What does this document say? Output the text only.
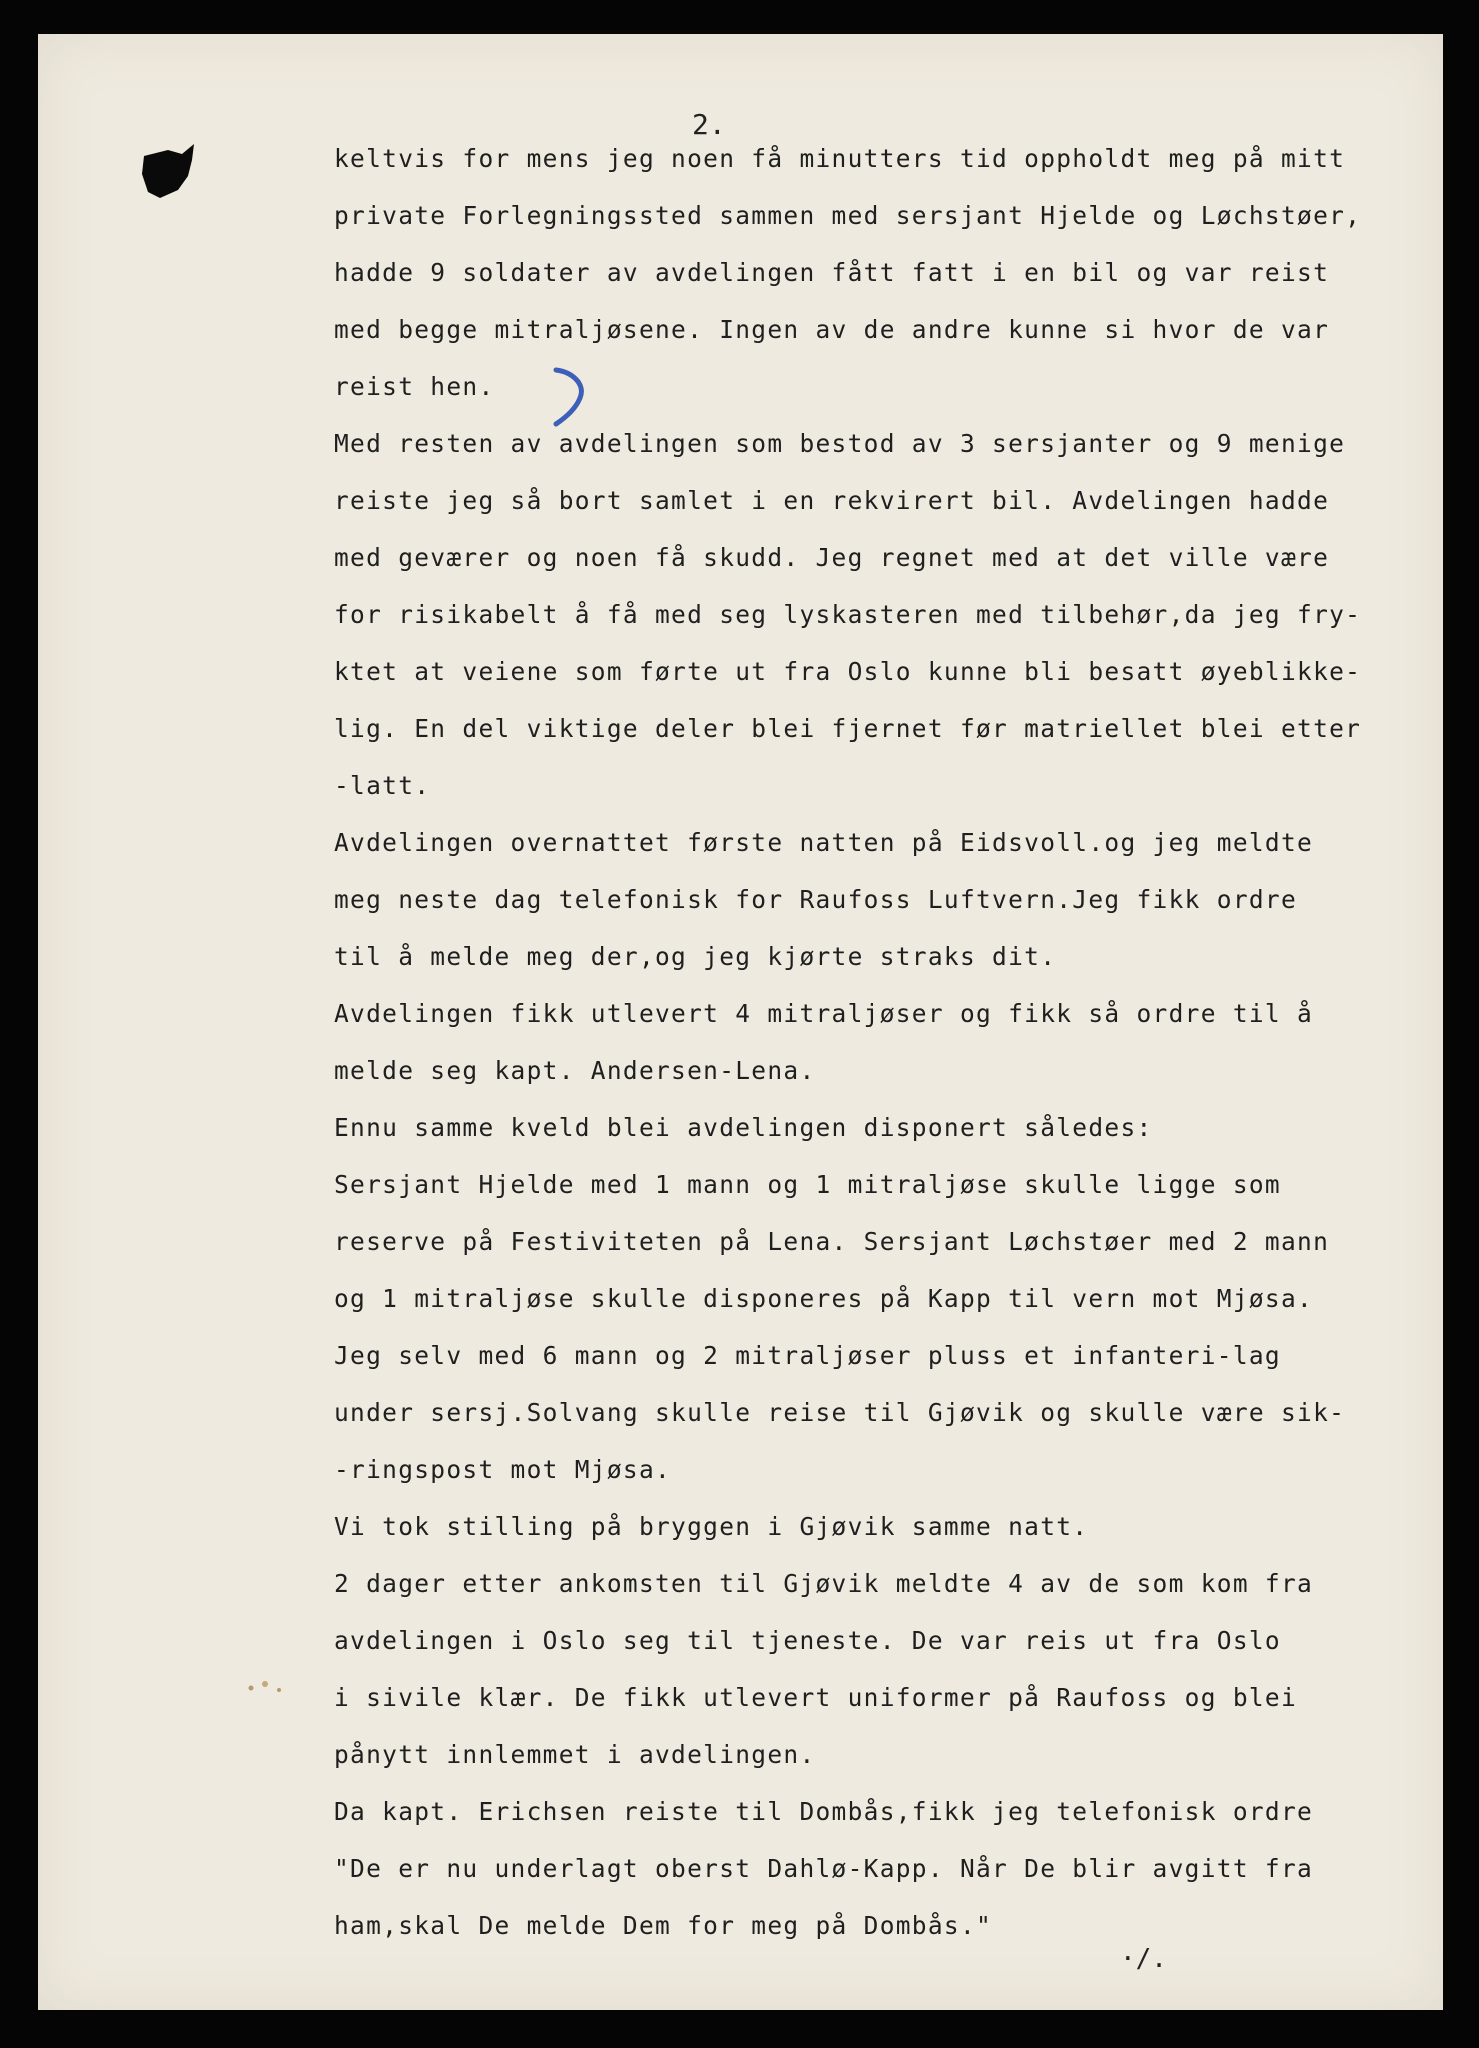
2.
·/.
keltvis for mens jeg noen få minutters tid oppholdt meg på mitt
private Forlegningssted sammen med sersjant Hjelde og Løchstøer,
hadde 9 soldater av avdelingen fått fatt i en bil og var reist
med begge mitraljøsene. Ingen av de andre kunne si hvor de var
reist hen.
Med resten av avdelingen som bestod av 3 sersjanter og 9 menige
reiste jeg så bort samlet i en rekvirert bil. Avdelingen hadde
med geværer og noen få skudd. Jeg regnet med at det ville være
for risikabelt å få med seg lyskasteren med tilbehør,da jeg fry-
ktet at veiene som førte ut fra Oslo kunne bli besatt øyeblikke-
lig. En del viktige deler blei fjernet før matriellet blei etter
-latt.
Avdelingen overnattet første natten på Eidsvoll.og jeg meldte
meg neste dag telefonisk for Raufoss Luftvern.Jeg fikk ordre
til å melde meg der,og jeg kjørte straks dit.
Avdelingen fikk utlevert 4 mitraljøser og fikk så ordre til å
melde seg kapt. Andersen-Lena.
Ennu samme kveld blei avdelingen disponert således:
Sersjant Hjelde med 1 mann og 1 mitraljøse skulle ligge som
reserve på Festiviteten på Lena. Sersjant Løchstøer med 2 mann
og 1 mitraljøse skulle disponeres på Kapp til vern mot Mjøsa.
Jeg selv med 6 mann og 2 mitraljøser pluss et infanteri-lag
under sersj.Solvang skulle reise til Gjøvik og skulle være sik-
-ringspost mot Mjøsa.
Vi tok stilling på bryggen i Gjøvik samme natt.
2 dager etter ankomsten til Gjøvik meldte 4 av de som kom fra
avdelingen i Oslo seg til tjeneste. De var reis ut fra Oslo
i sivile klær. De fikk utlevert uniformer på Raufoss og blei
pånytt innlemmet i avdelingen.
Da kapt. Erichsen reiste til Dombås,fikk jeg telefonisk ordre
"De er nu underlagt oberst Dahlø-Kapp. Når De blir avgitt fra
ham,skal De melde Dem for meg på Dombås."
